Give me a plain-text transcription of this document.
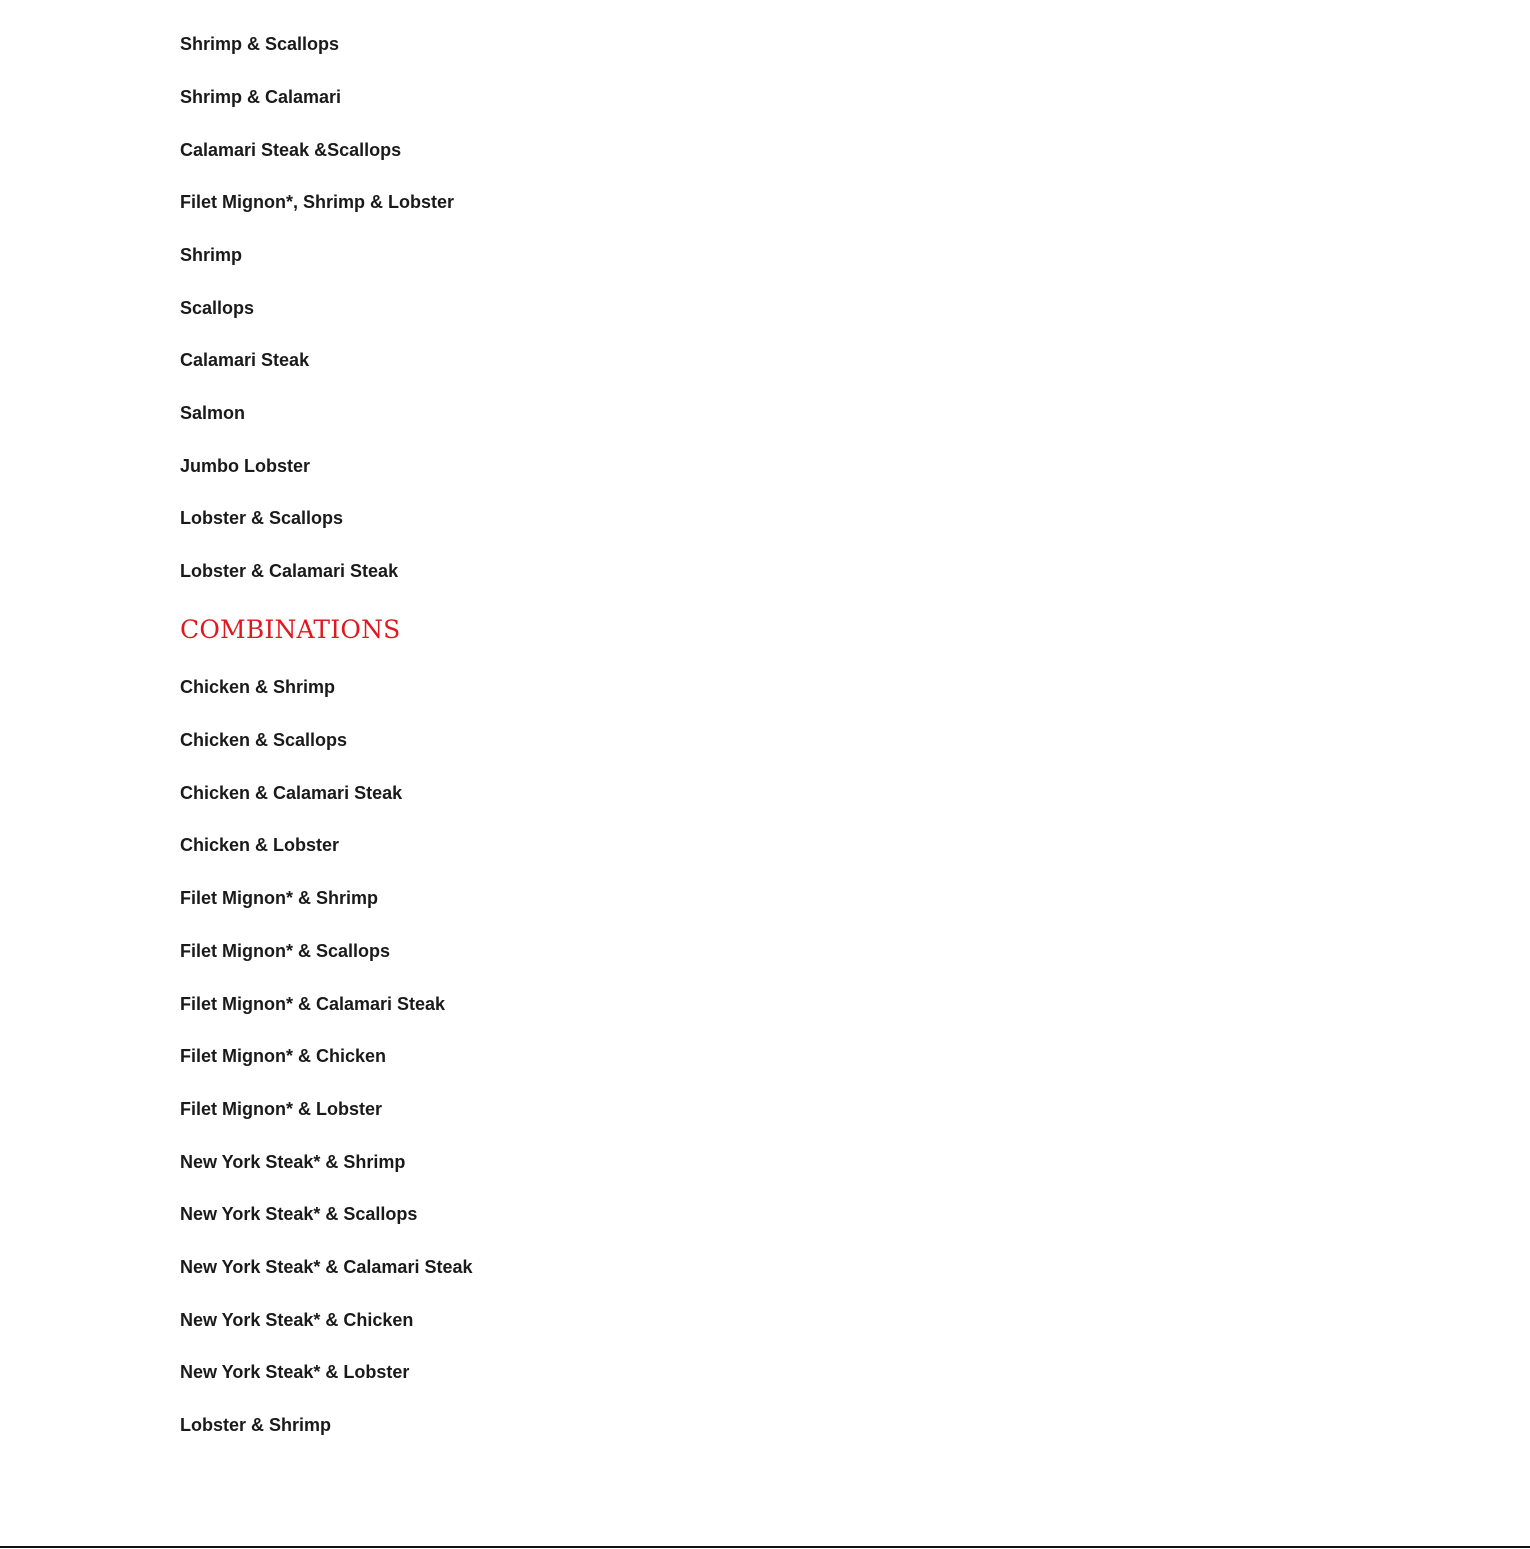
Shrimp & Scallops
Shrimp & Calamari
Calamari Steak &Scallops
Filet Mignon*, Shrimp & Lobster
Shrimp
Scallops
Calamari Steak
Salmon
Jumbo Lobster
Lobster & Scallops
Lobster & Calamari Steak
COMBINATIONS
Chicken & Shrimp
Chicken & Scallops
Chicken & Calamari Steak
Chicken & Lobster
Filet Mignon* & Shrimp
Filet Mignon* & Scallops
Filet Mignon* & Calamari Steak
Filet Mignon* & Chicken
Filet Mignon* & Lobster
New York Steak* & Shrimp
New York Steak* & Scallops
New York Steak* & Calamari Steak
New York Steak* & Chicken
New York Steak* & Lobster
Lobster & Shrimp
